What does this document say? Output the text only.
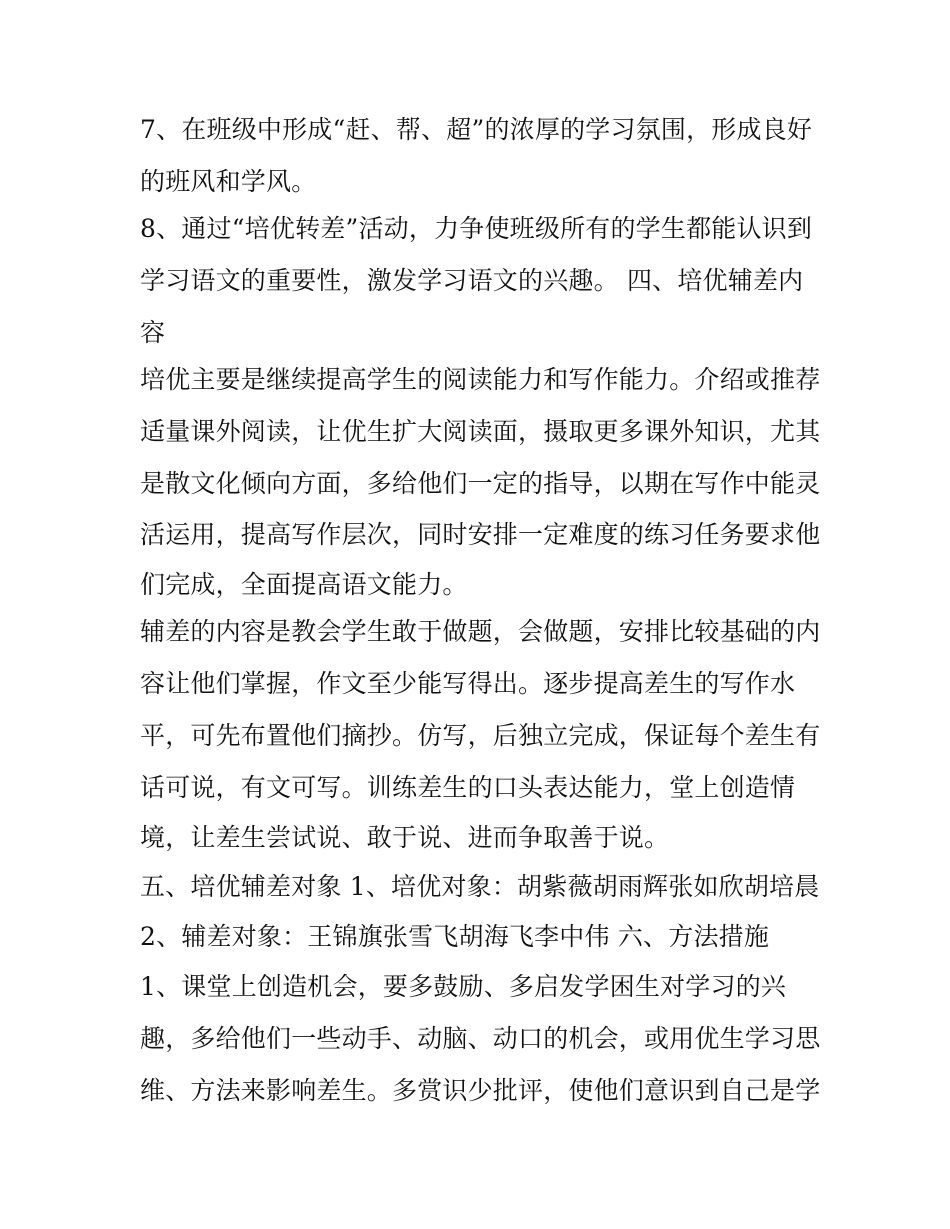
7、在班级中形成“赶、帮、超”的浓厚的学习氛围，形成良好
的班风和学风。
8、通过“培优转差”活动，力争使班级所有的学生都能认识到
学习语文的重要性，激发学习语文的兴趣。 四、培优辅差内
容
培优主要是继续提高学生的阅读能力和写作能力。介绍或推荐
适量课外阅读，让优生扩大阅读面，摄取更多课外知识，尤其
是散文化倾向方面，多给他们一定的指导，以期在写作中能灵
活运用，提高写作层次，同时安排一定难度的练习任务要求他
们完成，全面提高语文能力。
辅差的内容是教会学生敢于做题，会做题，安排比较基础的内
容让他们掌握，作文至少能写得出。逐步提高差生的写作水
平，可先布置他们摘抄。仿写，后独立完成，保证每个差生有
话可说，有文可写。训练差生的口头表达能力，堂上创造情
境，让差生尝试说、敢于说、进而争取善于说。
五、培优辅差对象 1、培优对象：胡紫薇胡雨辉张如欣胡培晨
2、辅差对象：王锦旗张雪飞胡海飞李中伟 六、方法措施
1、课堂上创造机会，要多鼓励、多启发学困生对学习的兴
趣，多给他们一些动手、动脑、动口的机会，或用优生学习思
维、方法来影响差生。多赏识少批评，使他们意识到自己是学
